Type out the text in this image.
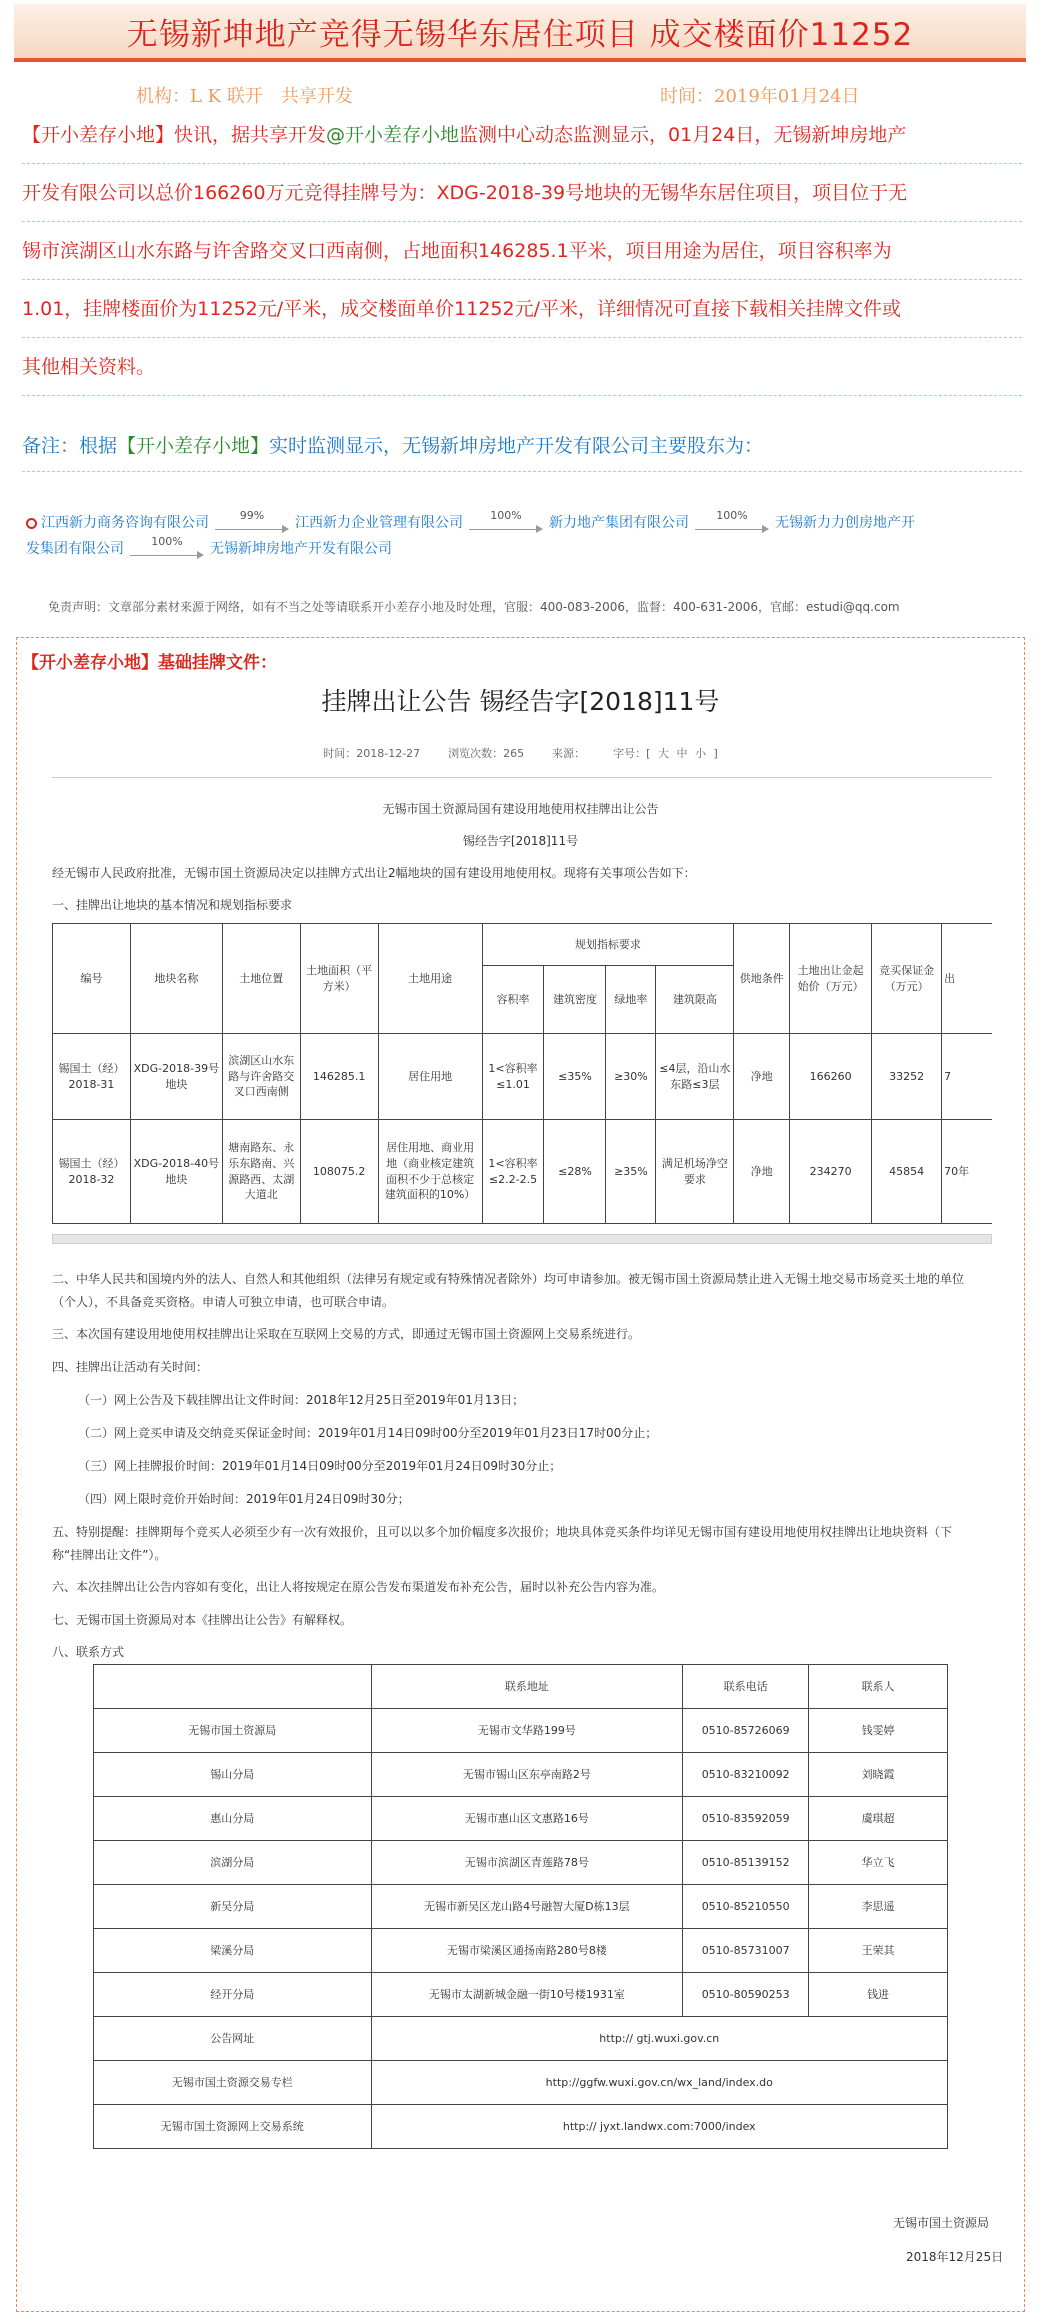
无锡新坤地产竞得无锡华东居住项目 成交楼面价11252
机构：L K 联开　共享开发	时间：2019年01月24日
【开小差存小地】快讯，据共享开发@开小差存小地监测中心动态监测显示，01月24日，无锡新坤房地产
开发有限公司以总价166260万元竞得挂牌号为：XDG-2018-39号地块的无锡华东居住项目，项目位于无
锡市滨湖区山水东路与许舍路交叉口西南侧，占地面积146285.1平米，项目用途为居住，项目容积率为
1.01，挂牌楼面价为11252元/平米，成交楼面单价11252元/平米，详细情况可直接下载相关挂牌文件或
其他相关资料。
备注：根据【开小差存小地】实时监测显示，无锡新坤房地产开发有限公司主要股东为：
江西新力商务咨询有限公司	99% 江西新力企业管理有限公司 100% 新力地产集团有限公司 100% 无锡新力力创房地产开
发集团有限公司 100% 无锡新坤房地产开发有限公司
免责声明：文章部分素材来源于网络，如有不当之处等请联系开小差存小地及时处理，官服：400-083-2006，监督：400-631-2006，官邮：estudi@qq.com
【开小差存小地】基础挂牌文件：
挂牌出让公告 锡经告字[2018]11号
时间：2018-12-27	浏览次数：265	来源：	字号：[ 大 中 小 ]
无锡市国土资源局国有建设用地使用权挂牌出让公告
锡经告字[2018]11号
经无锡市人民政府批准，无锡市国土资源局决定以挂牌方式出让2幅地块的国有建设用地使用权。现将有关事项公告如下：
一、挂牌出让地块的基本情况和规划指标要求
编号	地块名称	土地位置	土地面积（平方米）	土地用途	规划指标要求				供地条件	土地出让金起始价（万元）	竞买保证金（万元）	出
					容积率	建筑密度	绿地率	建筑限高				
锡国土（经）2018-31	XDG-2018-39号地块	滨湖区山水东路与许舍路交叉口西南侧	146285.1	居住用地	1<容积率≤1.01	≤35%	≥30%	≤4层，沿山水东路≤3层	净地	166260	33252	7
锡国土（经）2018-32	XDG-2018-40号地块	塘南路东、永乐东路南、兴源路西、太湖大道北	108075.2	居住用地、商业用地（商业核定建筑面积不少于总核定建筑面积的10%）	1<容积率≤2.2-2.5	≤28%	≥35%	满足机场净空要求	净地	234270	45854	70年
二、中华人民共和国境内外的法人、自然人和其他组织（法律另有规定或有特殊情况者除外）均可申请参加。被无锡市国土资源局禁止进入无锡土地交易市场竞买土地的单位
（个人），不具备竞买资格。申请人可独立申请，也可联合申请。
三、本次国有建设用地使用权挂牌出让采取在互联网上交易的方式，即通过无锡市国土资源网上交易系统进行。
四、挂牌出让活动有关时间：
（一）网上公告及下载挂牌出让文件时间：2018年12月25日至2019年01月13日；
（二）网上竞买申请及交纳竞买保证金时间：2019年01月14日09时00分至2019年01月23日17时00分止；
（三）网上挂牌报价时间：2019年01月14日09时00分至2019年01月24日09时30分止；
（四）网上限时竞价开始时间：2019年01月24日09时30分；
五、特别提醒：挂牌期每个竞买人必须至少有一次有效报价，且可以以多个加价幅度多次报价；地块具体竞买条件均详见无锡市国有建设用地使用权挂牌出让地块资料（下
称“挂牌出让文件”）。
六、本次挂牌出让公告内容如有变化，出让人将按规定在原公告发布渠道发布补充公告，届时以补充公告内容为准。
七、无锡市国土资源局对本《挂牌出让公告》有解释权。
八、联系方式
	联系地址	联系电话	联系人
无锡市国土资源局	无锡市文华路199号	0510-85726069	钱雯婷
锡山分局	无锡市锡山区东亭南路2号	0510-83210092	刘晓霞
惠山分局	无锡市惠山区文惠路16号	0510-83592059	虞琪超
滨湖分局	无锡市滨湖区青莲路78号	0510-85139152	华立飞
新吴分局	无锡市新吴区龙山路4号融智大厦D栋13层	0510-85210550	李思遥
梁溪分局	无锡市梁溪区通扬南路280号8楼	0510-85731007	王荣其
经开分局	无锡市太湖新城金融一街10号楼1931室	0510-80590253	钱进
公告网址	http:// gtj.wuxi.gov.cn		
无锡市国土资源交易专栏	http://ggfw.wuxi.gov.cn/wx_land/index.do		
无锡市国土资源网上交易系统	http:// jyxt.landwx.com:7000/index		
无锡市国土资源局
2018年12月25日
